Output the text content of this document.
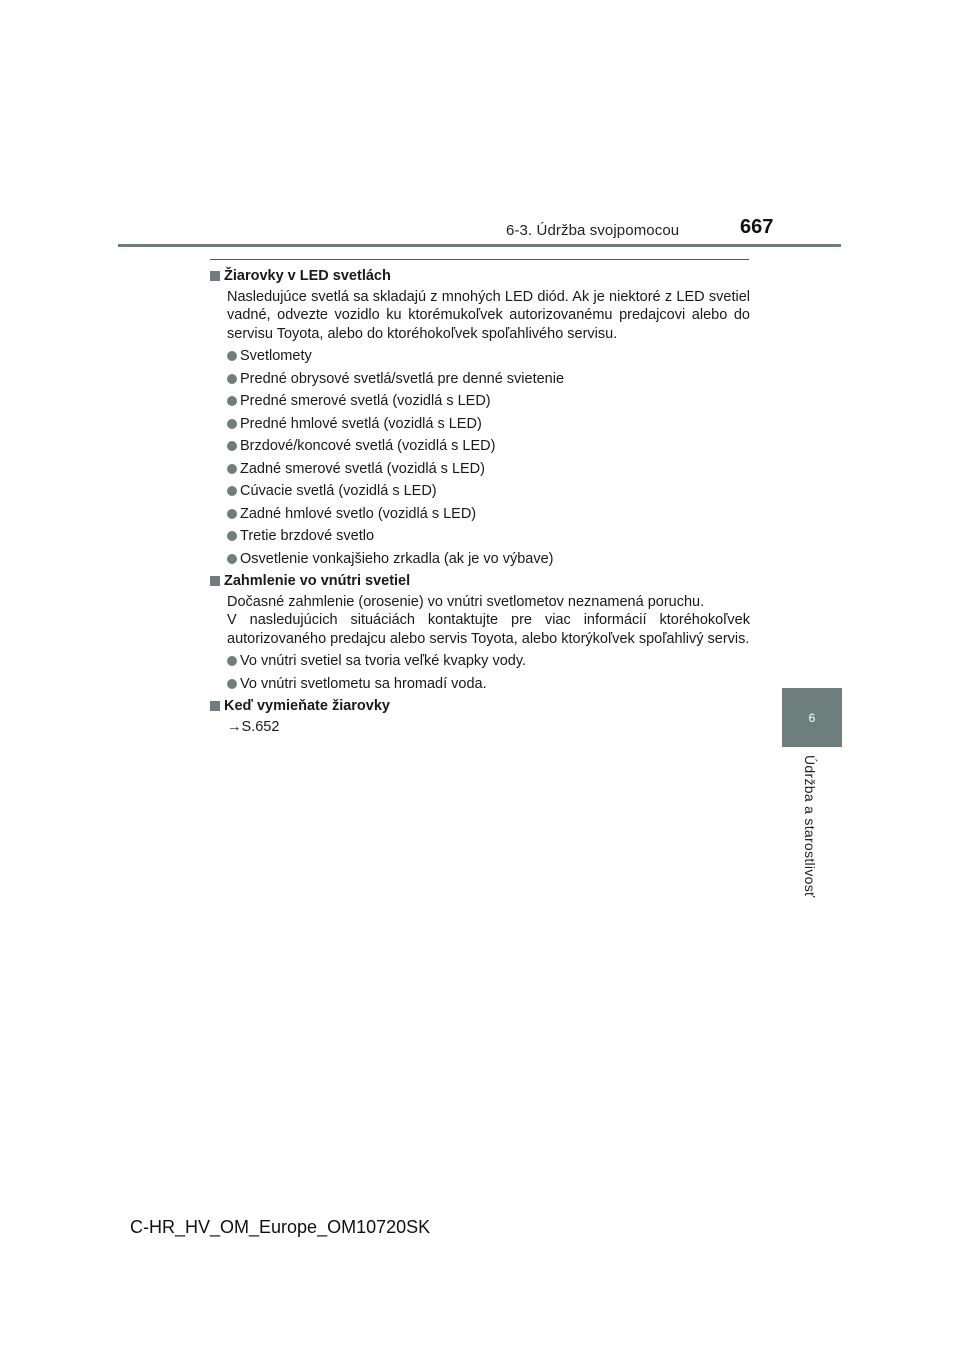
6-3. Údržba svojpomocou	667
6
Údržba a starostlivosť
Žiarovky v LED svetlách

Nasledujúce svetlá sa skladajú z mnohých LED diód. Ak je niektoré z LED svetiel vadné, odvezte vozidlo ku ktorémukoľvek autorizovanému predajcovi alebo do servisu Toyota, alebo do ktoréhokoľvek spoľahlivého servisu.

Svetlomety
Predné obrysové svetlá/svetlá pre denné svietenie
Predné smerové svetlá (vozidlá s LED)
Predné hmlové svetlá (vozidlá s LED)
Brzdové/koncové svetlá (vozidlá s LED)
Zadné smerové svetlá (vozidlá s LED)
Cúvacie svetlá (vozidlá s LED)
Zadné hmlové svetlo (vozidlá s LED)
Tretie brzdové svetlo
Osvetlenie vonkajšieho zrkadla (ak je vo výbave)
Zahmlenie vo vnútri svetiel

Dočasné zahmlenie (orosenie) vo vnútri svetlometov neznamená poruchu.

V nasledujúcich situáciách kontaktujte pre viac informácií ktoréhokoľvek autorizovaného predajcu alebo servis Toyota, alebo ktorýkoľvek spoľahlivý servis.

Vo vnútri svetiel sa tvoria veľké kvapky vody.
Vo vnútri svetlometu sa hromadí voda.
Keď vymieňate žiarovky
→S.652
C-HR_HV_OM_Europe_OM10720SK
